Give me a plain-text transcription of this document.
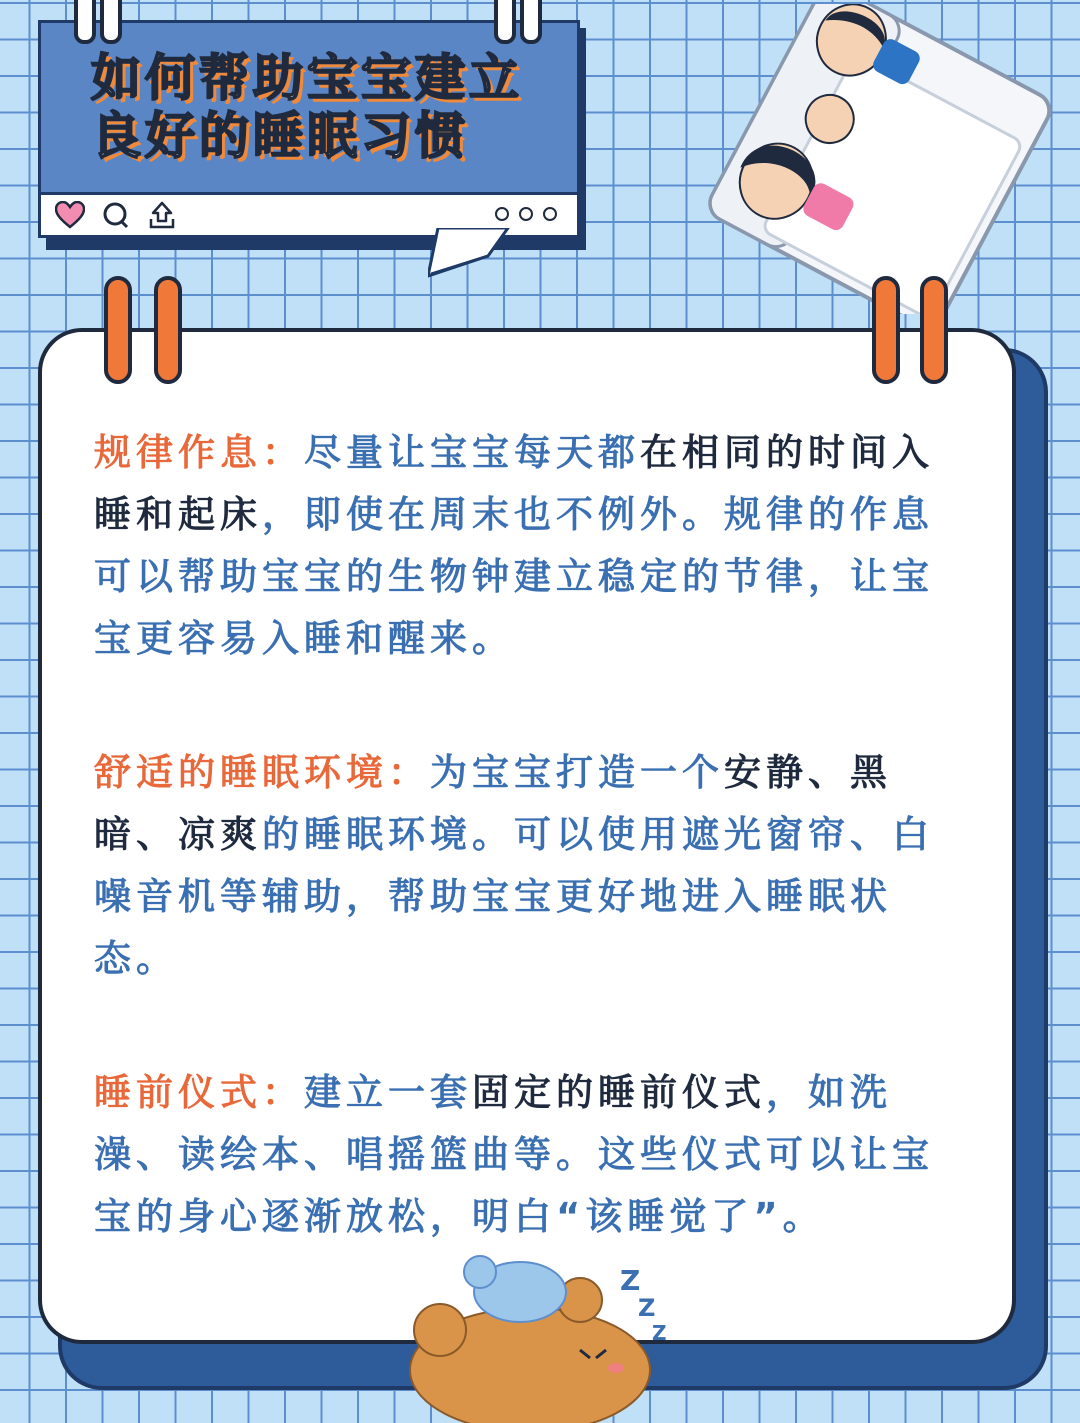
如何帮助宝宝建立
良好的睡眠习惯

规律作息：尽量让宝宝每天都在相同的时间入睡和起床，即使在周末也不例外。规律的作息可以帮助宝宝的生物钟建立稳定的节律，让宝宝更容易入睡和醒来。

舒适的睡眠环境：为宝宝打造一个安静、黑暗、凉爽的睡眠环境。可以使用遮光窗帘、白噪音机等辅助，帮助宝宝更好地进入睡眠状态。

睡前仪式：建立一套固定的睡前仪式，如洗澡、读绘本、唱摇篮曲等。这些仪式可以让宝宝的身心逐渐放松，明白“该睡觉了”。

Z
Z
Z
